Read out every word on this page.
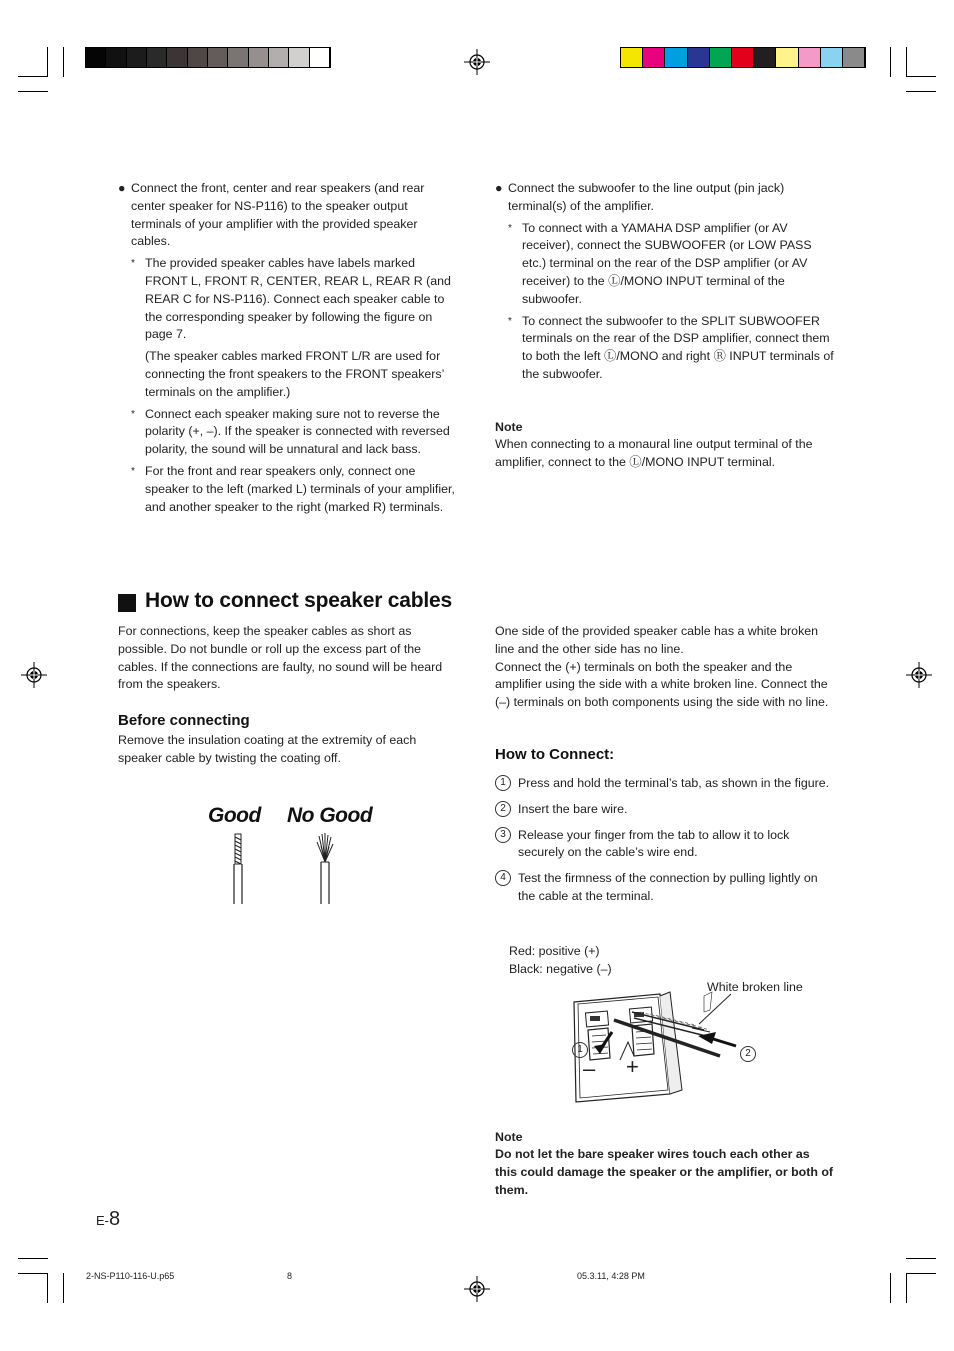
● Connect the front, center and rear speakers (and rear center speaker for NS-P116) to the speaker output terminals of your amplifier with the provided speaker cables.
* The provided speaker cables have labels marked FRONT L, FRONT R, CENTER, REAR L, REAR R (and REAR C for NS-P116). Connect each speaker cable to the corresponding speaker by following the figure on page 7.
(The speaker cables marked FRONT L/R are used for connecting the front speakers to the FRONT speakers’ terminals on the amplifier.)
* Connect each speaker making sure not to reverse the polarity (+, –). If the speaker is connected with reversed polarity, the sound will be unnatural and lack bass.
* For the front and rear speakers only, connect one speaker to the left (marked L) terminals of your amplifier, and another speaker to the right (marked R) terminals.
● Connect the subwoofer to the line output (pin jack) terminal(s) of the amplifier.
* To connect with a YAMAHA DSP amplifier (or AV receiver), connect the SUBWOOFER (or LOW PASS etc.) terminal on the rear of the DSP amplifier (or AV receiver) to the Ⓛ/MONO INPUT terminal of the subwoofer.
* To connect the subwoofer to the SPLIT SUBWOOFER terminals on the rear of the DSP amplifier, connect them to both the left Ⓛ/MONO and right Ⓡ INPUT terminals of the subwoofer.
Note
When connecting to a monaural line output terminal of the amplifier, connect to the Ⓛ/MONO INPUT terminal.
How to connect speaker cables
For connections, keep the speaker cables as short as possible. Do not bundle or roll up the excess part of the cables. If the connections are faulty, no sound will be heard from the speakers.
Before connecting
Remove the insulation coating at the extremity of each speaker cable by twisting the coating off.
Good No Good
One side of the provided speaker cable has a white broken line and the other side has no line.
Connect the (+) terminals on both the speaker and the amplifier using the side with a white broken line. Connect the (–) terminals on both components using the side with no line.
How to Connect:
1 Press and hold the terminal’s tab, as shown in the figure.
2 Insert the bare wire.
3 Release your finger from the tab to allow it to lock securely on the cable’s wire end.
4 Test the firmness of the connection by pulling lightly on the cable at the terminal.
Red: positive (+)
Black: negative (–)
White broken line
1	2
– +
Note
Do not let the bare speaker wires touch each other as this could damage the speaker or the amplifier, or both of them.
E-8
2-NS-P110-116-U.p65	8	05.3.11, 4:28 PM
